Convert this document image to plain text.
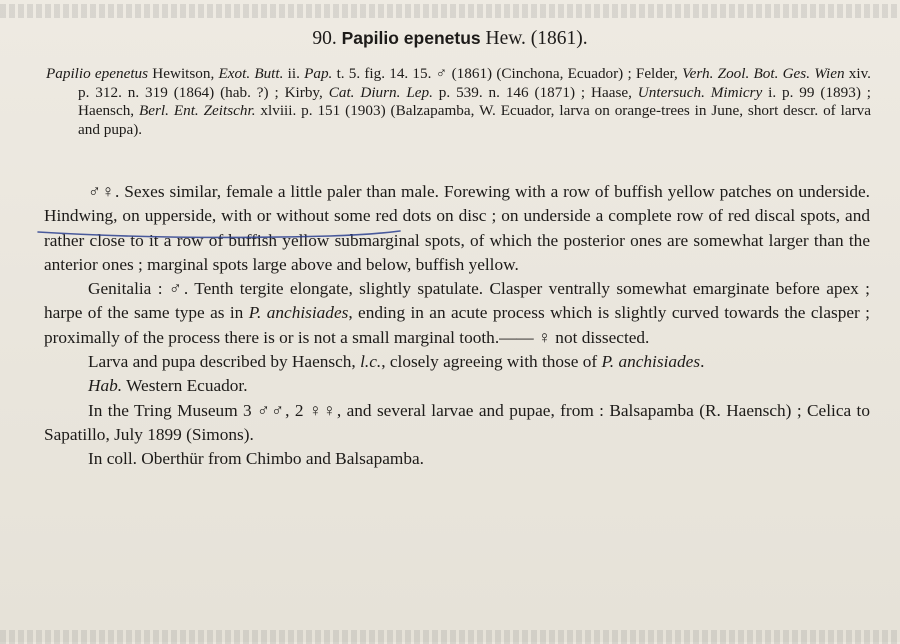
90. Papilio epenetus Hew. (1861).
Papilio epenetus Hewitson, Exot. Butt. ii. Pap. t. 5. fig. 14. 15. ♂ (1861) (Cinchona, Ecuador) ; Felder, Verh. Zool. Bot. Ges. Wien xiv. p. 312. n. 319 (1864) (hab. ?) ; Kirby, Cat. Diurn. Lep. p. 539. n. 146 (1871) ; Haase, Untersuch. Mimicry i. p. 99 (1893) ; Haensch, Berl. Ent. Zeitschr. xlviii. p. 151 (1903) (Balzapamba, W. Ecuador, larva on orange-trees in June, short descr. of larva and pupa).

♂♀. Sexes similar, female a little paler than male. Forewing with a row of buffish yellow patches on underside. Hindwing, on upperside, with or without some red dots on disc ; on underside a complete row of red discal spots, and rather close to it a row of buffish yellow submarginal spots, of which the posterior ones are somewhat larger than the anterior ones ; marginal spots large above and below, buffish yellow.

Genitalia : ♂. Tenth tergite elongate, slightly spatulate. Clasper ventrally somewhat emarginate before apex ; harpe of the same type as in P. anchisiades, ending in an acute process which is slightly curved towards the clasper ; proximally of the process there is or is not a small marginal tooth.—— ♀ not dissected.

Larva and pupa described by Haensch, l.c., closely agreeing with those of P. anchisiades.

Hab. Western Ecuador.

In the Tring Museum 3 ♂♂, 2 ♀♀, and several larvae and pupae, from : Balsapamba (R. Haensch) ; Celica to Sapatillo, July 1899 (Simons).

In coll. Oberthür from Chimbo and Balsapamba.
